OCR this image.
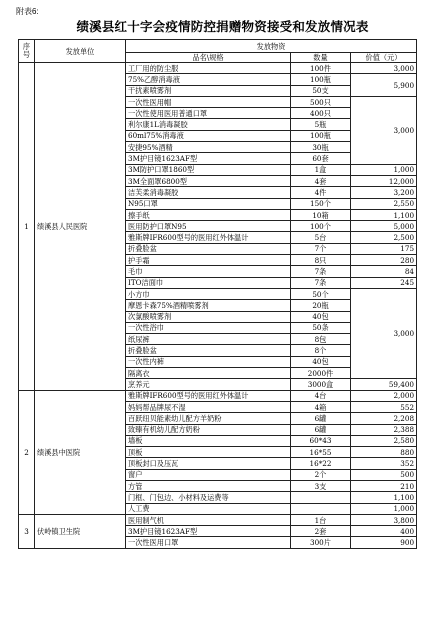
附表6:
绩溪县红十字会疫情防控捐赠物资接受和发放情况表
序号	发放单位	发放物资			
		品名\规格	数量	价值（元）	
1	绩溪县人民医院	工厂用的防尘服	100件	3,000	
		75%乙醇消毒液	100瓶	5,900	
		干扰素喷雾剂	50支		
		一次性医用帽	500只	3,000	
		一次性使用医用普通口罩	400只		
		利尔康1L消毒凝胶	5瓶		
		60ml75%消毒液	100瓶		
		安捷95%酒精	30瓶		
		3M护目镜1623AF型	60套	
		3M防护口罩1860型	1盒	1,000	
		3M全面罩6800型	4套	12,000	
		洁芙柔消毒凝胶	4件	3,200	
		N95口罩	150个	2,550	
		擦手纸	10箱	1,100	
		医用防护口罩N95	100个	5,000	
		雅斯牌IFR600型号的医用红外体温计	5台	2,500	
		折叠脸盆	7个	175	
		护手霜	8只	280	
		毛巾	7条	84	
		ITO洁面巾	7条	245	
		小方巾	50个	3,000	
		摩恩卡森75%酒精喷雾剂	20瓶		
		次氯酸喷雾剂	40包		
		一次性浴巾	50条		
		纸尿裤	8包		
		折叠脸盆	8个		
		一次性内裤	40包		
		隔离衣	2000件	
		烹养元	3000盒	59,400	
2	绩溪县中医院	雅斯牌IFR600型号的医用红外体温计	4台	2,000	
		妈妈帮品牌尿不湿	4箱	552	
		百跃纽贝能素幼儿配方羊奶粉	6罐	2,208	
		致臻有机幼儿配方奶粉	6罐	2,388	
		墙板	60*43	2,580	
		顶板	16*55	880	
		顶板封口及压瓦	16*22	352	
		窗户	2个	500	
		方管	3支	210	
		门框、门包边、小材料及运费等		1,100	
		人工费		1,000	
3	伏岭镇卫生院	医用制气机	1台	3,800	
		3M护目镜1623AF型	2套	400	
		一次性医用口罩	300片	900	
